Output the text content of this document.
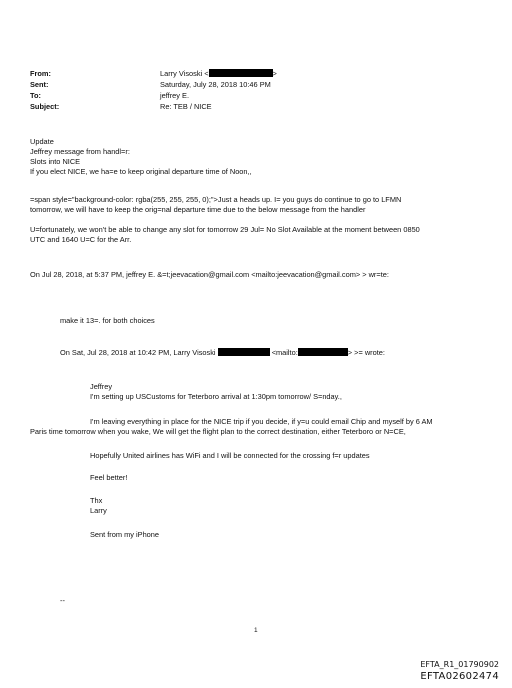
From:	Larry Visoski <	>
Sent:	Saturday, July 28, 2018 10:46 PM
To:	jeffrey E.
Subject:	Re: TEB / NICE
Update
Jeffrey message from handl=r:
Slots into NICE
If you elect NICE, we ha=e to keep original departure time of Noon,,
=span style="background-color: rgba(255, 255, 255, 0);">Just a heads up. I= you guys do continue to go to LFMN
tomorrow, we will have to keep the orig=nal departure time due to the below message from the handler
U=fortunately, we won't be able to change any slot for tomorrow 29 Jul= No Slot Available at the moment between 0850
UTC and 1640 U=C for the Arr.
On Jul 28, 2018, at 5:37 PM, jeffrey E. &=t;jeevacation@gmail.com <mailto:jeevacation@gmail.com> > wr=te:
make it 13=. for both choices
On Sat, Jul 28, 2018 at 10:42 PM, Larry Visoski	<mailto:	> >= wrote:
Jeffrey
I'm setting up USCustoms for Teterboro arrival at 1:30pm tomorrow/ S=nday.,
I'm leaving everything in place for the NICE trip if you decide, if y=u could email Chip and myself by 6 AM
Paris time tomorrow when you wake, We will get the flight plan to the correct destination, either Teterboro or N=CE,
Hopefully United airlines has WiFi and I will be connected for the crossing f=r updates
Feel better!
Thx
Larry
Sent from my iPhone
--
1
EFTA_R1_01790902
EFTA02602474
